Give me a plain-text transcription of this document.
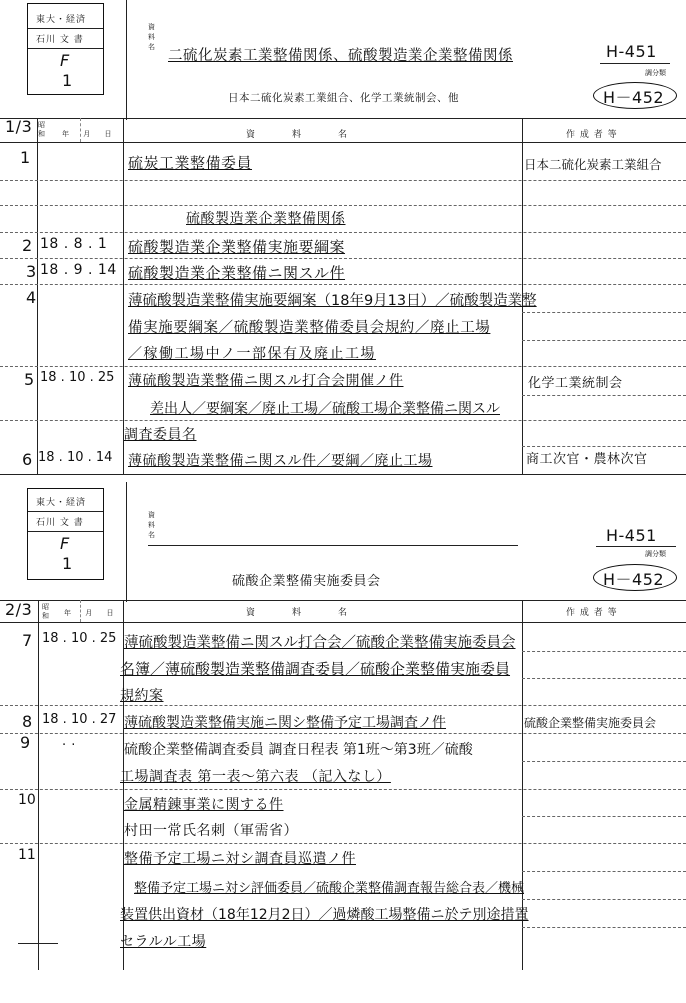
東大・経済
石川 文 書
F
1
資料名
二硫化炭素工業整備関係、硫酸製造業企業整備関係
日本二硫化炭素工業組合、化学工業統制会、他
H-451
調分類
H－452
1/3 昭和 年 月 日	資　料　名	作 成 者 等
1	硫炭工業整備委員	日本二硫化炭素工業組合
硫酸製造業企業整備関係
2 18 . 8 . 1 硫酸製造業企業整備実施要綱案
3 18 . 9 . 14 硫酸製造業企業整備ニ関スル件
4	薄硫酸製造業整備実施要綱案（18年9月13日）／硫酸製造業整
備実施要綱案／硫酸製造業整備委員会規約／廃止工場
／稼働工場中ノ一部保有及廃止工場
5 18 . 10 . 25 薄硫酸製造業整備ニ関スル打合会開催ノ件	化学工業統制会
差出人／要綱案／廃止工場／硫酸工場企業整備ニ関スル
調査委員名
6 18 . 10 . 14 薄硫酸製造業整備ニ関スル件／要綱／廃止工場	商工次官・農林次官
東大・経済
石川 文 書
F
1
資料名
硫酸企業整備実施委員会
H-451
調分類
H－452
2/3 昭和 年 月 日	資　料　名	作 成 者 等
7 18 . 10 . 25 薄硫酸製造業整備ニ関スル打合会／硫酸企業整備実施委員会
名簿／薄硫酸製造業整備調査委員／硫酸企業整備実施委員
規約案
8 18 . 10 . 27 薄硫酸製造業整備実施ニ関シ整備予定工場調査ノ件	硫酸企業整備実施委員会
9 . .
硫酸企業整備調査委員 調査日程表 第1班～第3班／硫酸
工場調査表 第一表～第六表 （記入なし）
10	金属精錬事業に関する件
村田一常氏名刺（軍需省）
11	整備予定工場ニ対シ調査員巡遣ノ件
整備予定工場ニ対シ評価委員／硫酸企業整備調査報告総合表／機械
装置供出資材（18年12月2日）／過燐酸工場整備ニ於テ別途措置
セラルル工場
